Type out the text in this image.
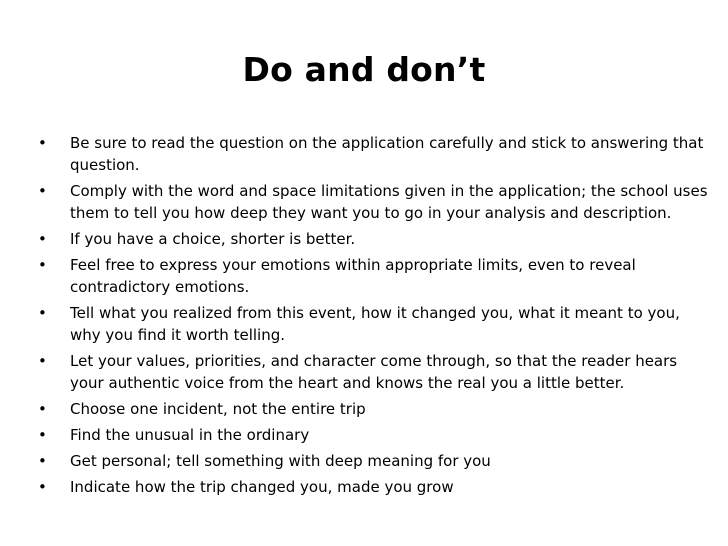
Do and don’t
•	Be sure to read the question on the application carefully and stick to answering that question.
•	Comply with the word and space limitations given in the application; the school uses them to tell you how deep they want you to go in your analysis and description.
•	If you have a choice, shorter is better.
•	Feel free to express your emotions within appropriate limits, even to reveal contradictory emotions.
•	Tell what you realized from this event, how it changed you, what it meant to you, why you find it worth telling.
•	Let your values, priorities, and character come through, so that the reader hears your authentic voice from the heart and knows the real you a little better.
•	Choose one incident, not the entire trip
•	Find the unusual in the ordinary
•	Get personal; tell something with deep meaning for you
•	Indicate how the trip changed you, made you grow
